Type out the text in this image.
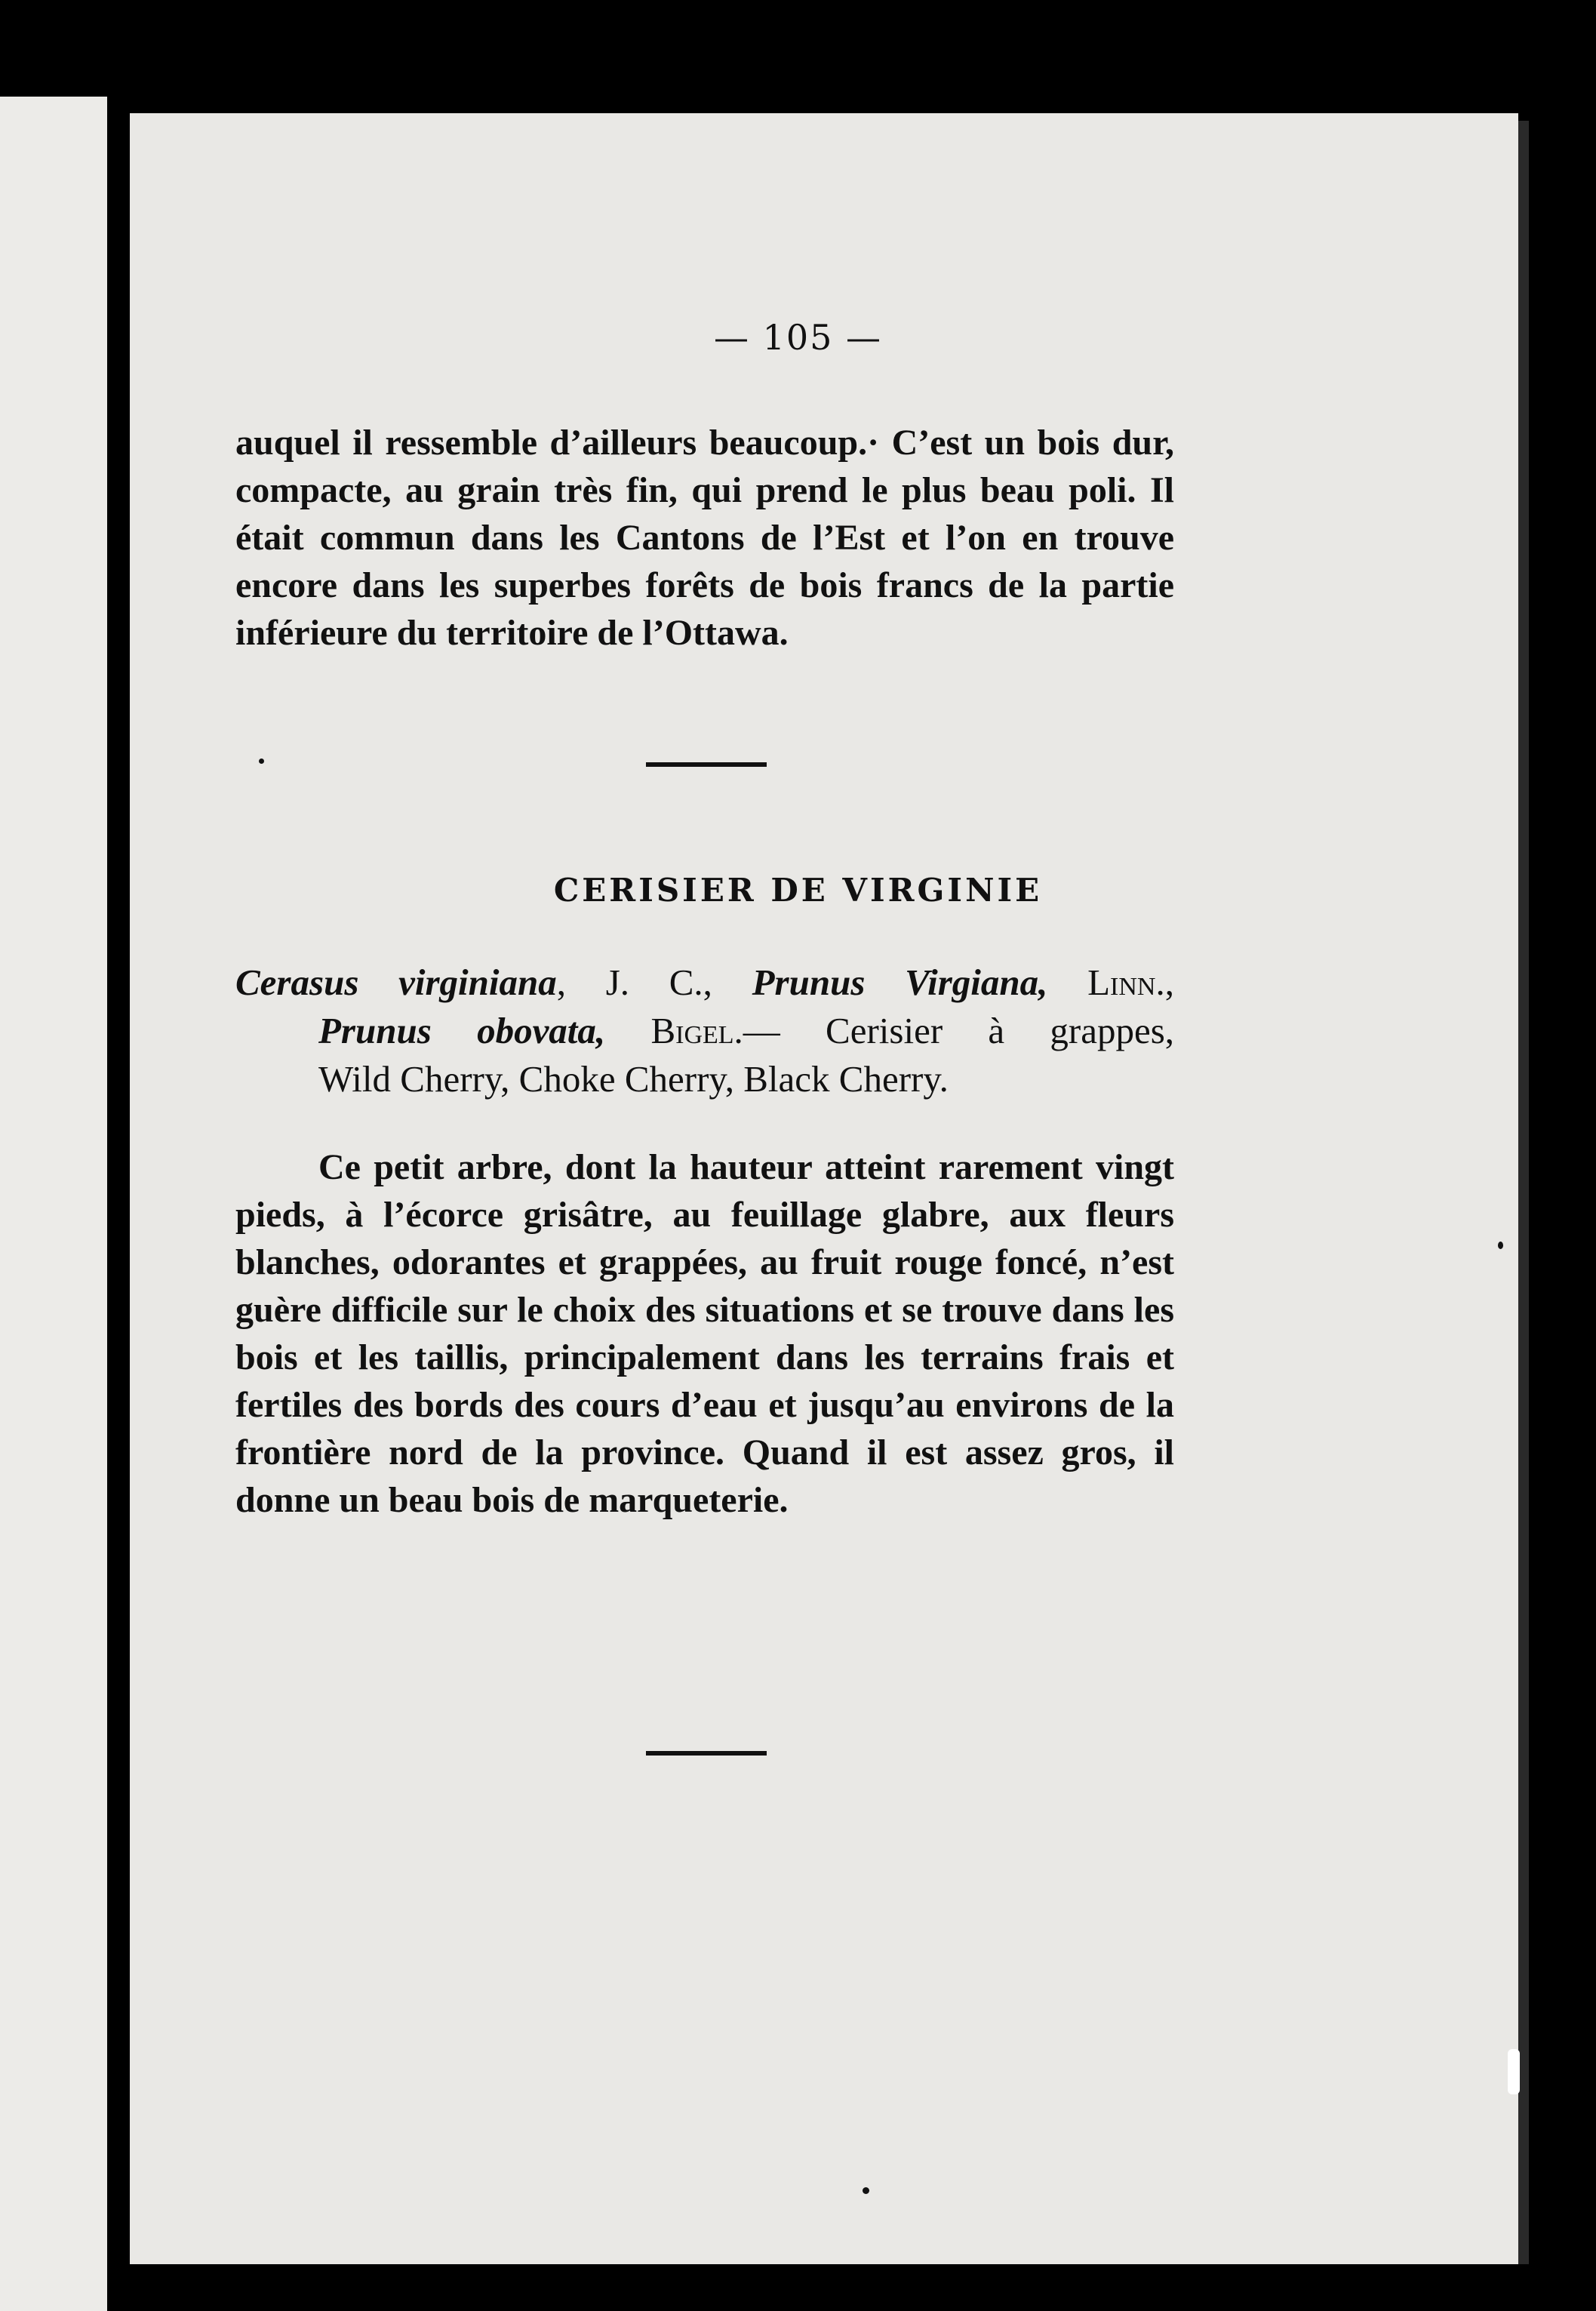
— 105 —

auquel il ressemble d’ailleurs beaucoup.· C’est un bois dur, compacte, au grain très fin, qui prend le plus beau poli. Il était commun dans les Cantons de l’Est et l’on en trouve encore dans les superbes forêts de bois francs de la partie inférieure du territoire de l’Ottawa.

CERISIER DE VIRGINIE
Cerasus virginiana, J. C., Prunus Virgiana, Linn.,
Prunus obovata, Bigel.— Cerisier à grappes,
Wild Cherry, Choke Cherry, Black Cherry.

Ce petit arbre, dont la hauteur atteint rarement vingt pieds, à l’écorce grisâtre, au feuillage glabre, aux fleurs blanches, odorantes et grappées, au fruit rouge foncé, n’est guère difficile sur le choix des situations et se trouve dans les bois et les taillis, principalement dans les terrains frais et fertiles des bords des cours d’eau et jusqu’au environs de la frontière nord de la province. Quand il est assez gros, il donne un beau bois de marqueterie.
